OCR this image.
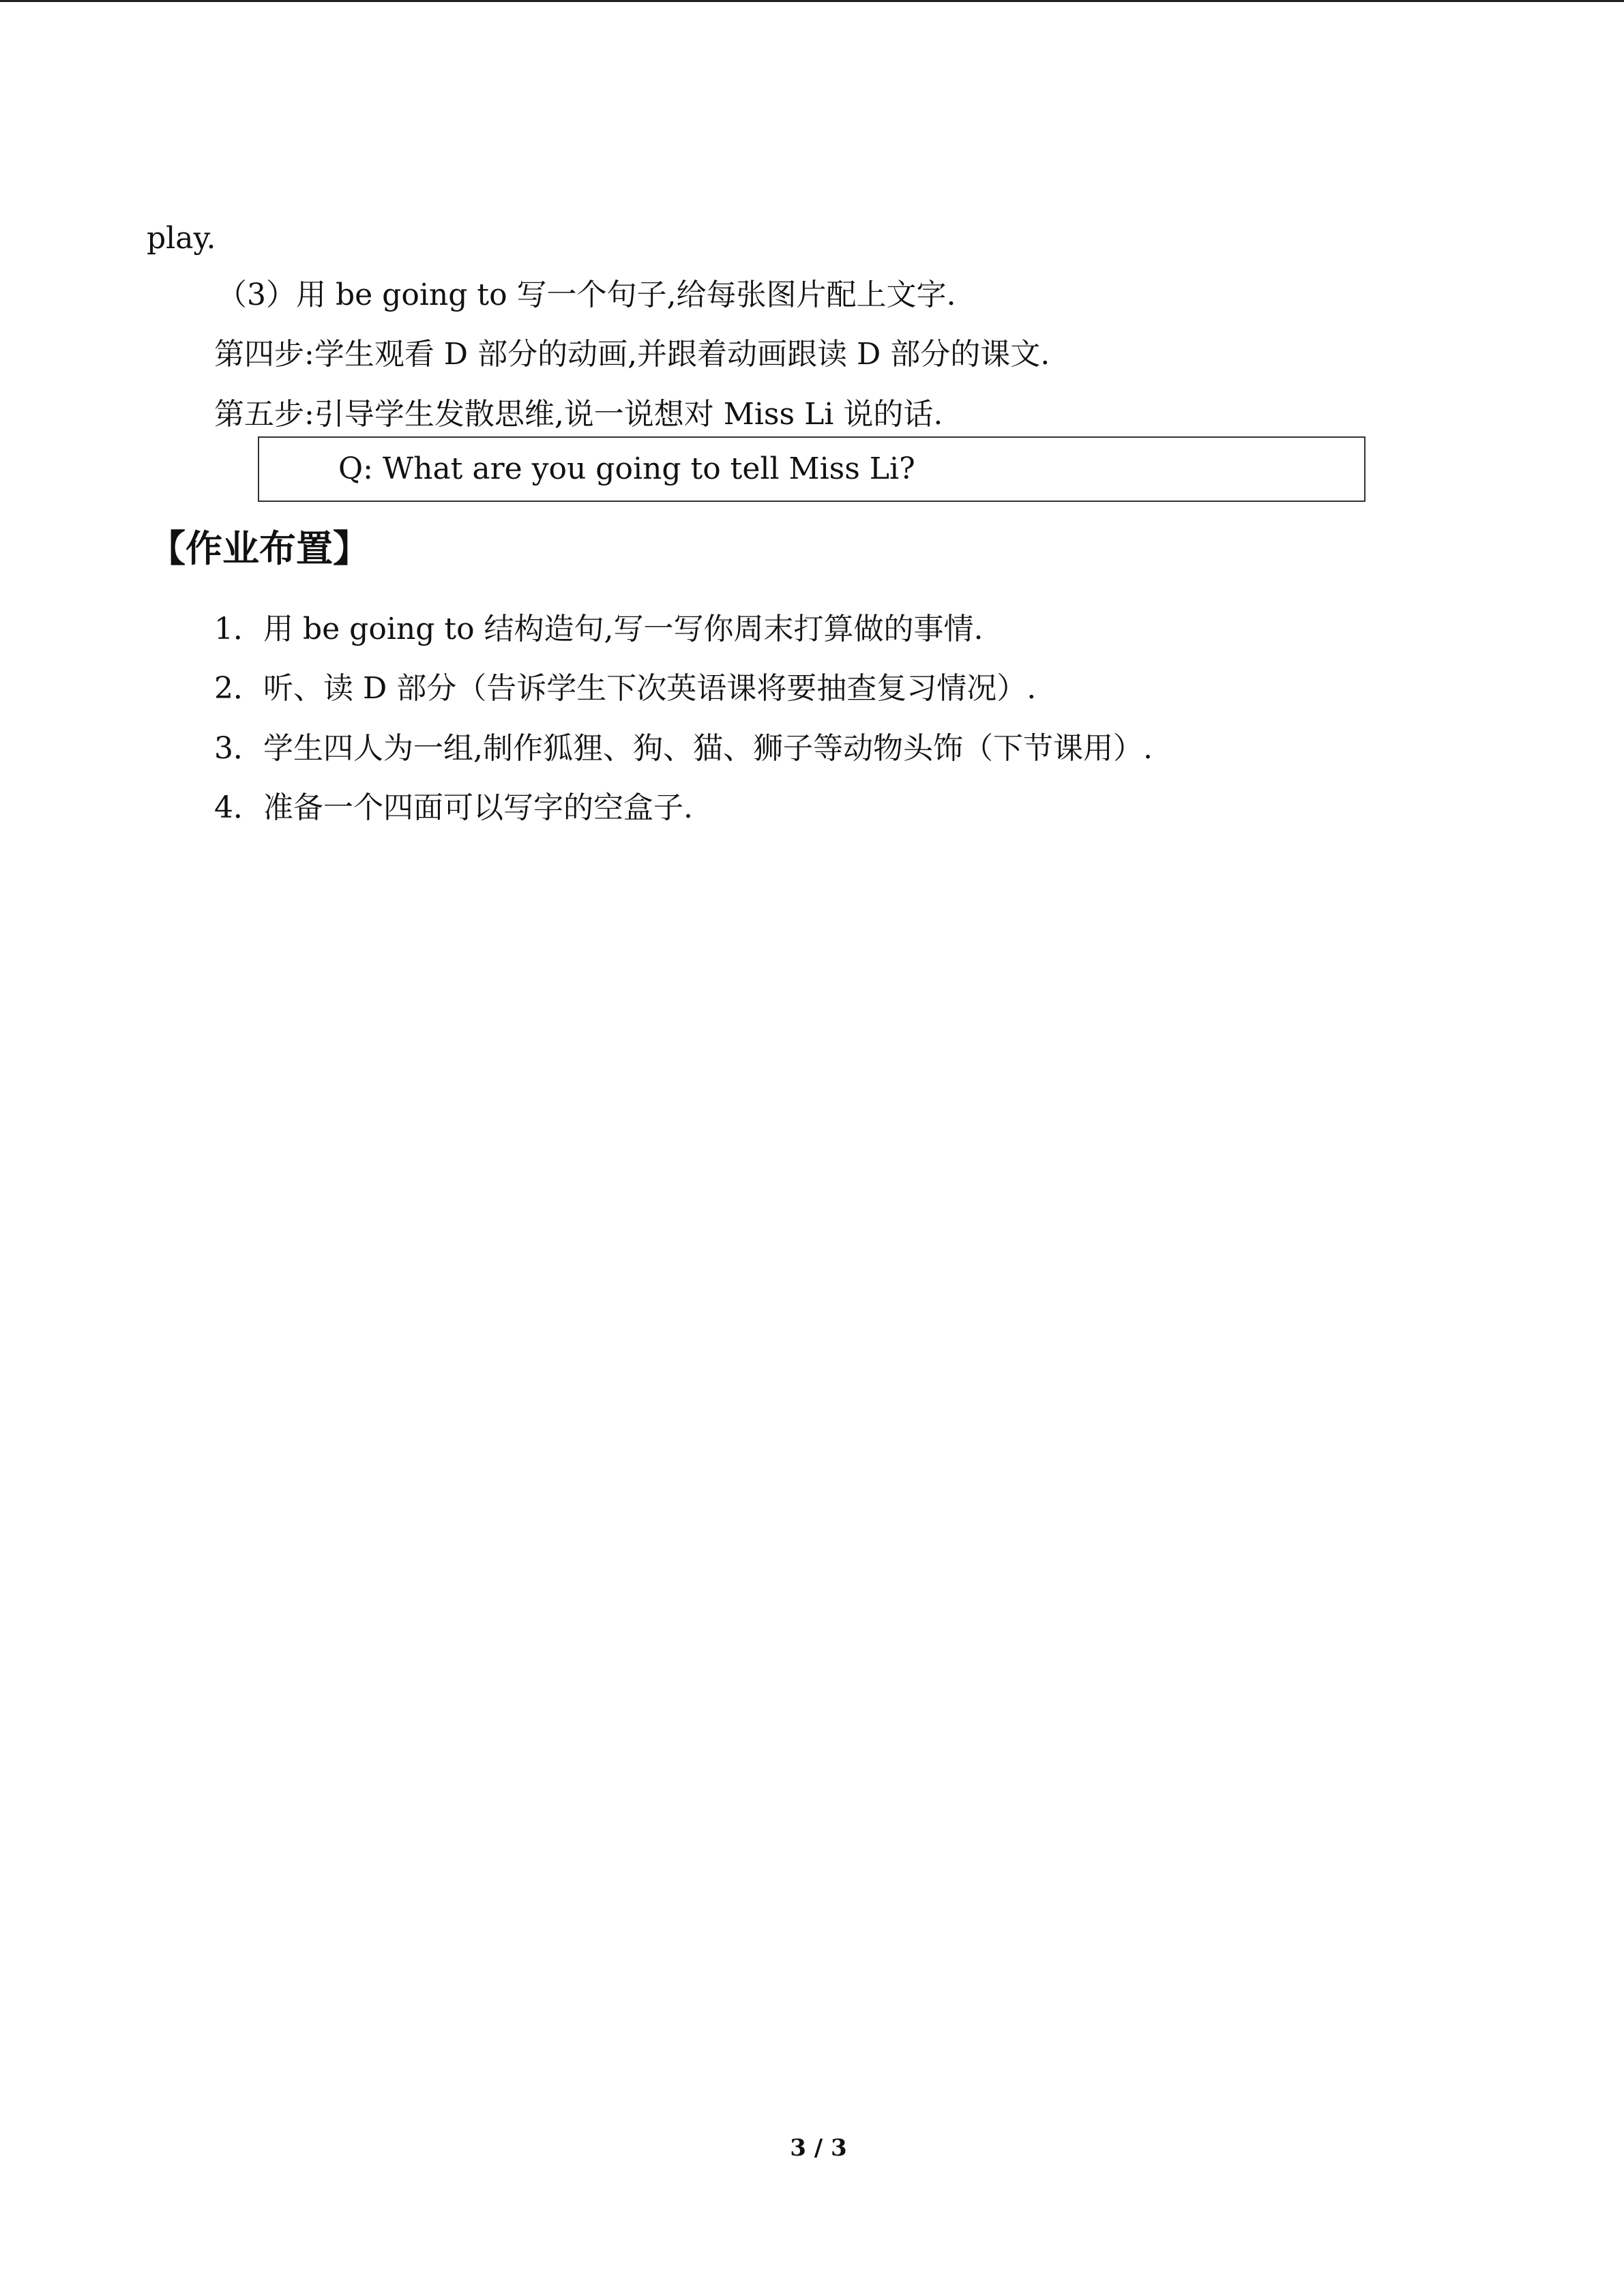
play.
（3）用 be going to 写一个句子,给每张图片配上文字.
第四步:学生观看 D 部分的动画,并跟着动画跟读 D 部分的课文.
第五步:引导学生发散思维,说一说想对 Miss Li 说的话.
Q: What are you going to tell Miss Li?
【作业布置】
1．用 be going to 结构造句,写一写你周末打算做的事情.
2．听、读 D 部分（告诉学生下次英语课将要抽查复习情况）.
3．学生四人为一组,制作狐狸、狗、猫、狮子等动物头饰（下节课用）.
4．准备一个四面可以写字的空盒子.
3 / 3
